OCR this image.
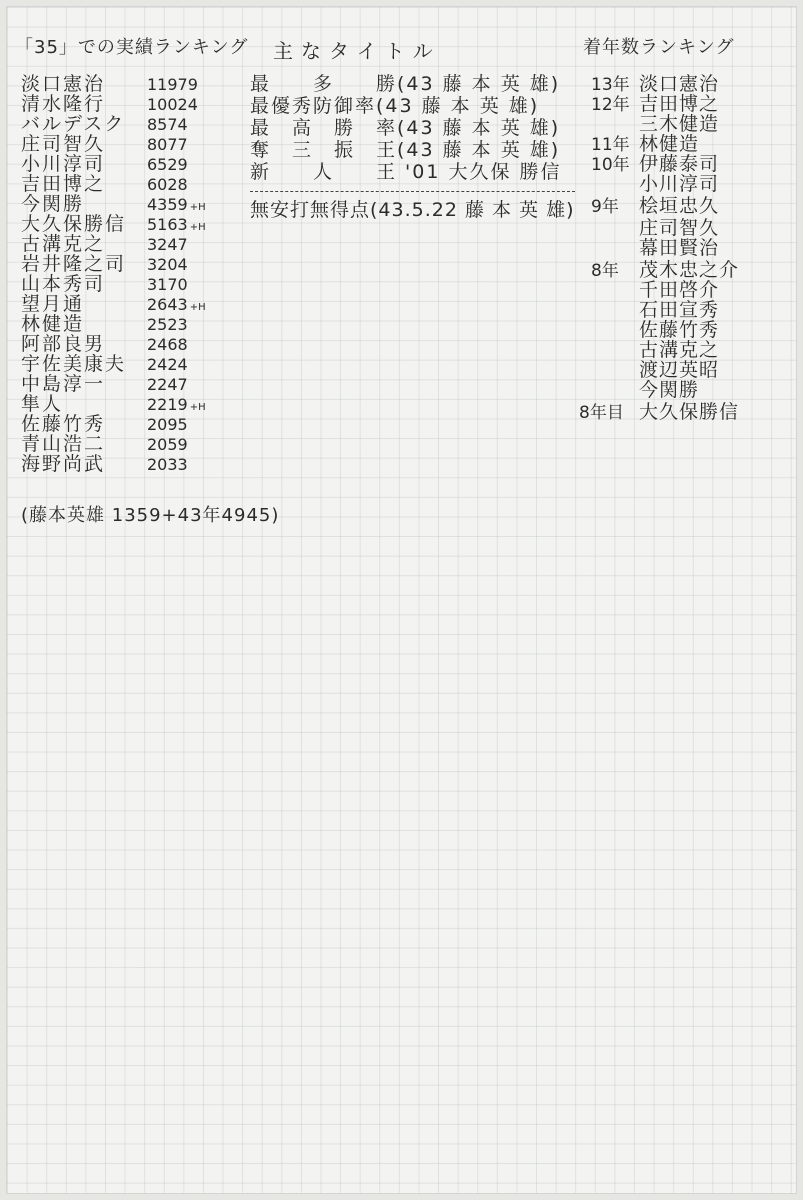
「35」での実績ランキング 主なタイトル	着年数ランキング
淡口憲治	11979
清水隆行	10024
バルデスク 8574
庄司智久	8077
小川淳司	6529
吉田博之	6028
今関勝	4359 +H
大久保勝信 5163 +H
古溝克之	3247
岩井隆之司 3204
山本秀司	3170
望月通	2643 +H
林健造	2523
阿部良男	2468
宇佐美康夫 2424
中島淳一	2247
隼人	2219 +H
佐藤竹秀	2095
青山浩二	2059
海野尚武	2033
(藤本英雄 1359+43年4945)
最　　多　　勝(43 藤 本 英 雄)
最優秀防御率(43 藤 本 英 雄)
最　高　勝　率(43 藤 本 英 雄)
奪　三　振　王(43 藤 本 英 雄)
新　　人　　王 '01 大久保 勝信
無安打無得点(43.5.22 藤 本 英 雄)
13年 淡口憲治
12年 吉田博之
三木健造
11年 林健造
10年 伊藤泰司
小川淳司
9年 桧垣忠久
庄司智久
幕田賢治
8年 茂木忠之介
千田啓介
石田宣秀
佐藤竹秀
古溝克之
渡辺英昭
今関勝
8年目 大久保勝信
